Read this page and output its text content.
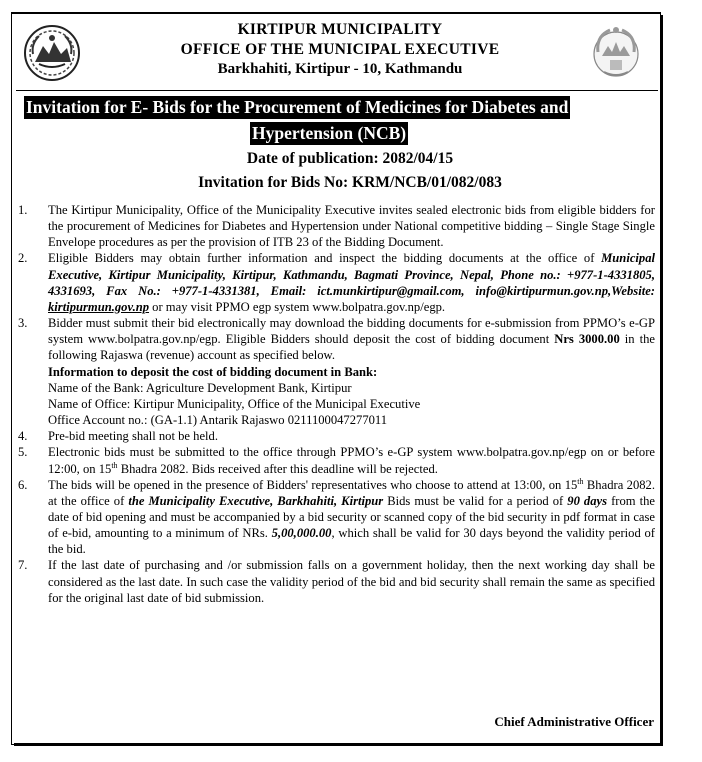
KIRTIPUR MUNICIPALITY
OFFICE OF THE MUNICIPAL EXECUTIVE
Barkhahiti, Kirtipur - 10, Kathmandu
Invitation for E- Bids for the Procurement of Medicines for Diabetes and
Hypertension (NCB)
Date of publication: 2082/04/15
Invitation for Bids No: KRM/NCB/01/082/083
1. The Kirtipur Municipality, Office of the Municipality Executive invites sealed electronic bids from eligible bidders for the procurement of Medicines for Diabetes and Hypertension under National competitive bidding – Single Stage Single Envelope procedures as per the provision of ITB 23 of the Bidding Document.
2. Eligible Bidders may obtain further information and inspect the bidding documents at the office of Municipal Executive, Kirtipur Municipality, Kirtipur, Kathmandu, Bagmati Province, Nepal, Phone no.: +977-1-4331805, 4331693, Fax No.: +977-1-4331381, Email: ict.munkirtipur@gmail.com, info@kirtipurmun.gov.np,Website: kirtipurmun.gov.np or may visit PPMO egp system www.bolpatra.gov.np/egp.
3. Bidder must submit their bid electronically may download the bidding documents for e-submission from PPMO’s e-GP system www.bolpatra.gov.np/egp. Eligible Bidders should deposit the cost of bidding document Nrs 3000.00 in the following Rajaswa (revenue) account as specified below.
Information to deposit the cost of bidding document in Bank:
Name of the Bank: Agriculture Development Bank, Kirtipur
Name of Office: Kirtipur Municipality, Office of the Municipal Executive
Office Account no.: (GA-1.1) Antarik Rajaswo 0211100047277011
4. Pre-bid meeting shall not be held.
5. Electronic bids must be submitted to the office through PPMO’s e-GP system www.bolpatra.gov.np/egp on or before 12:00, on 15th Bhadra 2082. Bids received after this deadline will be rejected.
6. The bids will be opened in the presence of Bidders' representatives who choose to attend at 13:00, on 15th Bhadra 2082. at the office of the Municipality Executive, Barkhahiti, Kirtipur Bids must be valid for a period of 90 days from the date of bid opening and must be accompanied by a bid security or scanned copy of the bid security in pdf format in case of e-bid, amounting to a minimum of NRs. 5,00,000.00, which shall be valid for 30 days beyond the validity period of the bid.
7. If the last date of purchasing and /or submission falls on a government holiday, then the next working day shall be considered as the last date. In such case the validity period of the bid and bid security shall remain the same as specified for the original last date of bid submission.
Chief Administrative Officer
